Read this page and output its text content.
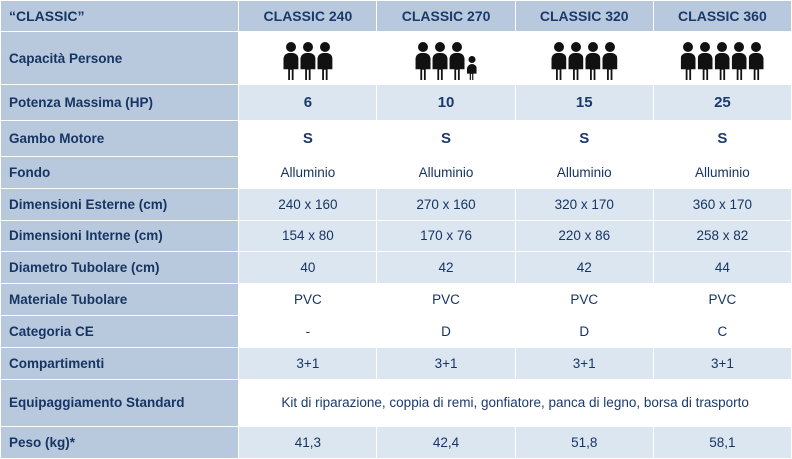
“CLASSIC”	CLASSIC 240	CLASSIC 270	CLASSIC 320	CLASSIC 360
Capacità Persone	

Potenza Massima (HP)	6	10	15	25
Gambo Motore	S	S	S	S
Fondo	Alluminio	Alluminio	Alluminio	Alluminio
Dimensioni Esterne (cm)	240 x 160	270 x 160	320 x 170	360 x 170
Dimensioni Interne (cm)	154 x 80	170 x 76	220 x 86	258 x 82
Diametro Tubolare (cm)	40	42	42	44
Materiale Tubolare	PVC	PVC	PVC	PVC
Categoria CE	-	D	D	C
Compartimenti	3+1	3+1	3+1	3+1
Equipaggiamento Standard	Kit di riparazione, coppia di remi, gonfiatore, panca di legno, borsa di trasporto			
Peso (kg)*	41,3	42,4	51,8	58,1
